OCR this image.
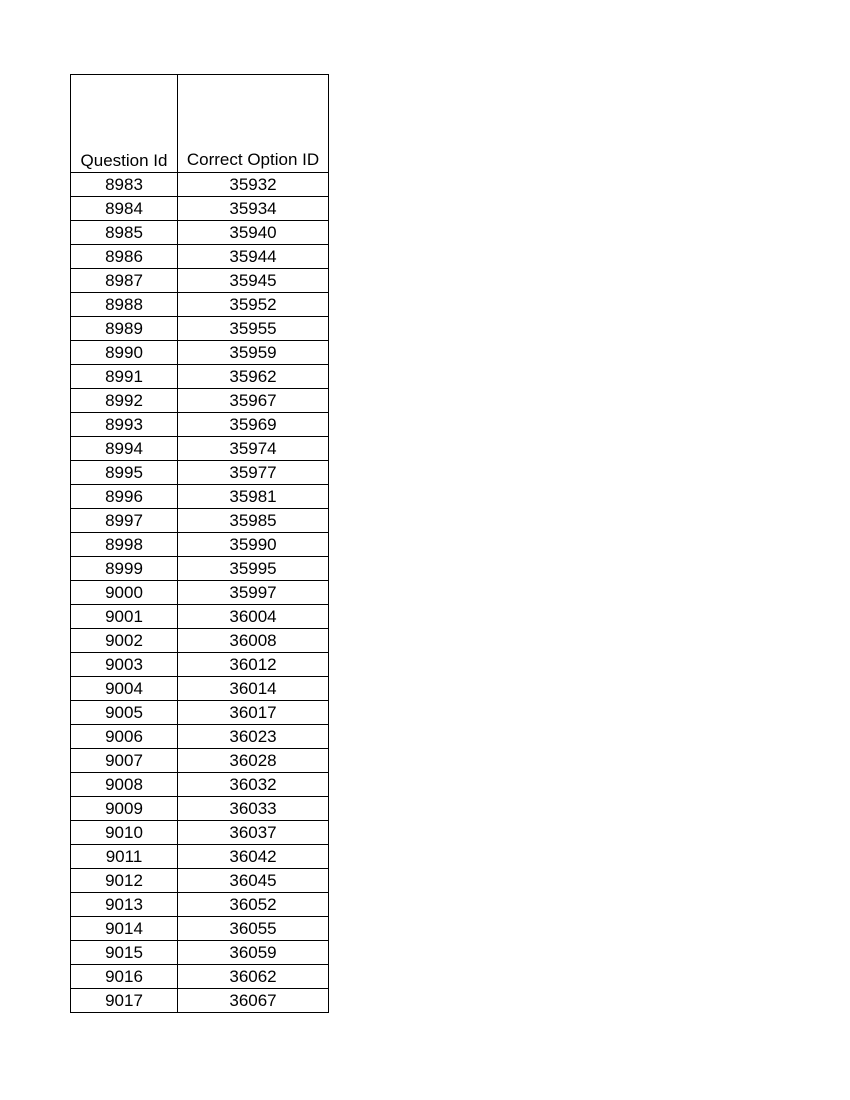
Question Id	Correct Option ID
8983	35932
8984	35934
8985	35940
8986	35944
8987	35945
8988	35952
8989	35955
8990	35959
8991	35962
8992	35967
8993	35969
8994	35974
8995	35977
8996	35981
8997	35985
8998	35990
8999	35995
9000	35997
9001	36004
9002	36008
9003	36012
9004	36014
9005	36017
9006	36023
9007	36028
9008	36032
9009	36033
9010	36037
9011	36042
9012	36045
9013	36052
9014	36055
9015	36059
9016	36062
9017	36067
